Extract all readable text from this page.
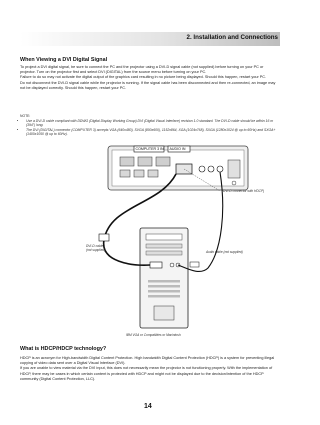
2. Installation and Connections
When Viewing a DVI Digital Signal

To project a DVI digital signal, be sure to connect the PC and the projector using a DVI-D signal cable (not supplied) before turning on your PC or projector. Turn on the projector first and select DVI (DIGITAL) from the source menu before turning on your PC.

Failure to do so may not activate the digital output of the graphics card resulting in no picture being displayed. Should this happen, restart your PC.

Do not disconnect the DVI-D signal cable while the projector is running. If the signal cable has been disconnected and then re-connected, an image may not be displayed correctly. Should this happen, restart your PC.

NOTE:
• Use a DVI-D cable compliant with DDWG (Digital Display Working Group) DVI (Digital Visual Interface) revision 1.0 standard. The DVI-D cable should be within 16 m (394") long.
• The DVI (DIGITAL) connector (COMPUTER 3) accepts VGA (640x480), SVGA (800x600), 1152x864, XGA (1024x768), SXGA (1280x1024 @ up to 60Hz) and SXGA+ (1400x1050 @ up to 60Hz).
COMPUTER 3 IN AUDIO IN
(DVI-D connector with HDCP)
DVI-D cable
(not supplied)	Audio cable (not supplied)
IBM VGA or Compatibles or Macintosh
What is HDCP/HDCP technology?

HDCP is an acronym for High-bandwidth Digital Content Protection. High bandwidth Digital Content Protection (HDCP) is a system for preventing illegal copying of video data sent over a Digital Visual Interface (DVI).

If you are unable to view material via the DVI input, this does not necessarily mean the projector is not functioning properly. With the implementation of HDCP, there may be cases in which certain content is protected with HDCP and might not be displayed due to the decision/intention of the HDCP community (Digital Content Protection, LLC).

14
